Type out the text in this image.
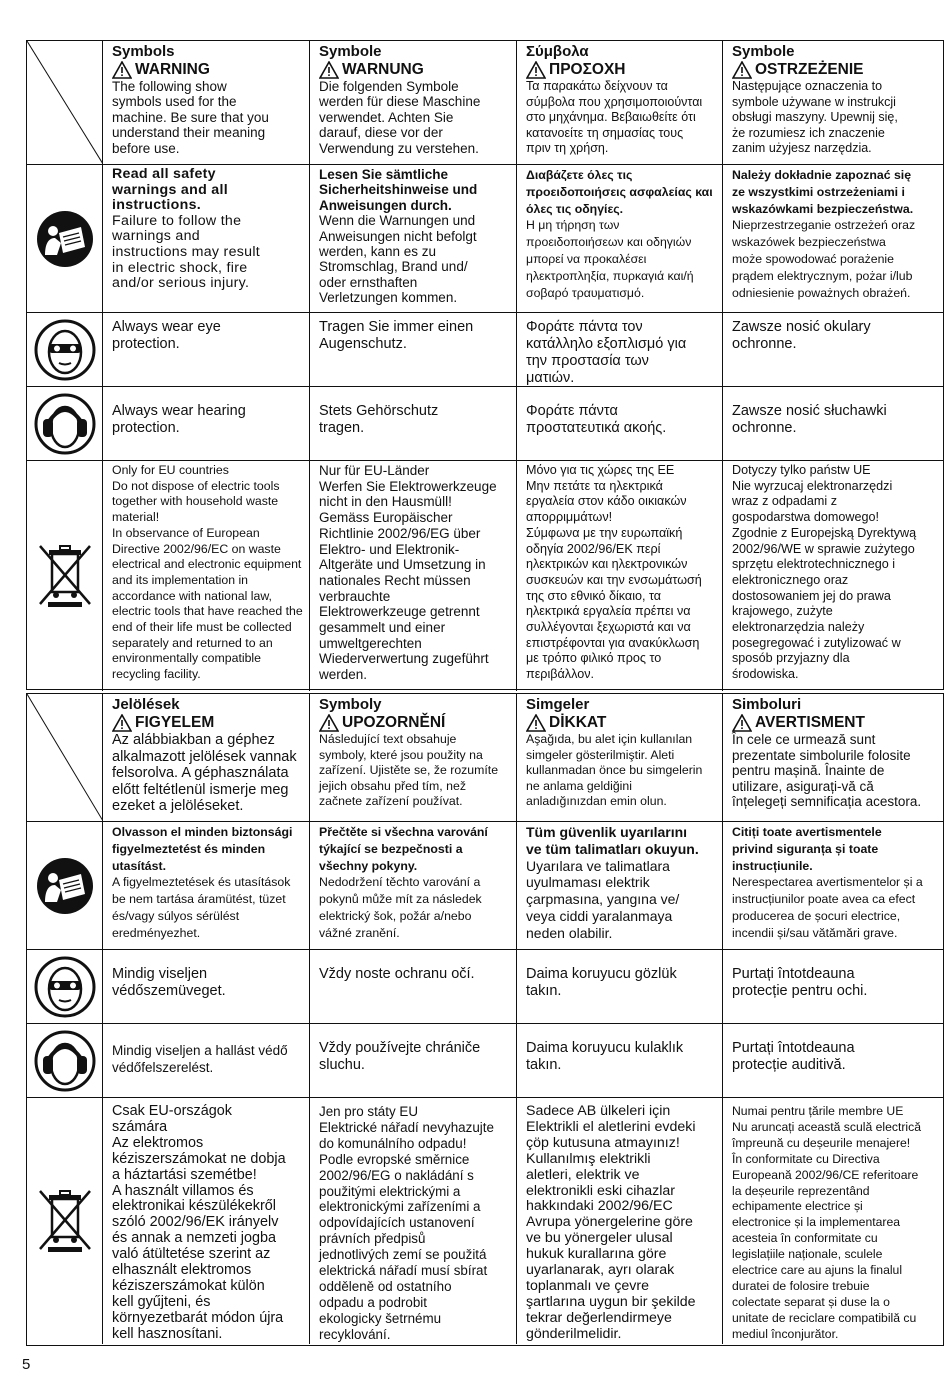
Symbols
WARNING
The following show
symbols used for the
machine. Be sure that you
understand their meaning
before use.
Symbole
WARNUNG
Die folgenden Symbole
werden für diese Maschine
verwendet. Achten Sie
darauf, diese vor der
Verwendung zu verstehen.
Σύμβολα
ΠΡΟΣΟΧΗ
Τα παρακάτω δείχνουν τα
σύμβολα που χρησιμοποιούνται
στο μηχάνημα. Βεβαιωθείτε ότι
κατανοείτε τη σημασίας τους
πριν τη χρήση.
Symbole
OSTRZEŻENIE
Następujące oznaczenia to
symbole używane w instrukcji
obsługi maszyny. Upewnij się,
że rozumiesz ich znaczenie
zanim użyjesz narzędzia.
Read all safety
warnings and all
instructions.
Failure to follow the
warnings and
instructions may result
in electric shock, fire
and/or serious injury.
Lesen Sie sämtliche
Sicherheitshinweise und
Anweisungen durch.
Wenn die Warnungen und
Anweisungen nicht befolgt
werden, kann es zu
Stromschlag, Brand und/
oder ernsthaften
Verletzungen kommen.
Διαβάζετε όλες τις
προειδοποιήσεις ασφαλείας και
όλες τις οδηγίες.
Η μη τήρηση των
προειδοποιήσεων και οδηγιών
μπορεί να προκαλέσει
ηλεκτροπληξία, πυρκαγιά και/ή
σοβαρό τραυματισμό.
Należy dokładnie zapoznać się
ze wszystkimi ostrzeżeniami i
wskazówkami bezpieczeństwa.
Nieprzestrzeganie ostrzeżeń oraz
wskazówek bezpieczeństwa
może spowodować porażenie
prądem elektrycznym, pożar i/lub
odniesienie poważnych obrażeń.
Always wear eye
protection.
Tragen Sie immer einen
Augenschutz.
Φοράτε πάντα τον
κατάλληλο εξοπλισμό για
την προστασία των
ματιών.
Zawsze nosić okulary
ochronne.
Always wear hearing
protection.
Stets Gehörschutz
tragen.
Φοράτε πάντα
προστατευτικά ακοής.
Zawsze nosić słuchawki
ochronne.
Only for EU countries
Do not dispose of electric tools
together with household waste
material!
In observance of European
Directive 2002/96/EC on waste
electrical and electronic equipment
and its implementation in
accordance with national law,
electric tools that have reached the
end of their life must be collected
separately and returned to an
environmentally compatible
recycling facility.
Nur für EU-Länder
Werfen Sie Elektrowerkzeuge
nicht in den Hausmüll!
Gemäss Europäischer
Richtlinie 2002/96/EG über
Elektro- und Elektronik-
Altgeräte und Umsetzung in
nationales Recht müssen
verbrauchte
Elektrowerkzeuge getrennt
gesammelt und einer
umweltgerechten
Wiederverwertung zugeführt
werden.
Μόνο για τις χώρες της ΕΕ
Μην πετάτε τα ηλεκτρικά
εργαλεία στον κάδο οικιακών
απορριμμάτων!
Σύμφωνα με την ευρωπαϊκή
οδηγία 2002/96/ΕΚ περί
ηλεκτρικών και ηλεκτρονικών
συσκευών και την ενσωμάτωσή
της στο εθνικό δίκαιο, τα
ηλεκτρικά εργαλεία πρέπει να
συλλέγονται ξεχωριστά και να
επιστρέφονται για ανακύκλωση
με τρόπο φιλικό προς το
περιβάλλον.
Dotyczy tylko państw UE
Nie wyrzucaj elektronarzędzi
wraz z odpadami z
gospodarstwa domowego!
Zgodnie z Europejską Dyrektywą
2002/96/WE w sprawie zużytego
sprzętu elektrotechnicznego i
elektronicznego oraz
dostosowaniem jej do prawa
krajowego, zużyte
elektronarzędzia należy
posegregować i zutylizować w
sposób przyjazny dla
środowiska.
Jelölések
FIGYELEM
Az alábbiakban a géphez
alkalmazott jelölések vannak
felsorolva. A géphasználata
előtt feltétlenül ismerje meg
ezeket a jelöléseket.
Symboly
UPOZORNĚNÍ
Následující text obsahuje
symboly, které jsou použity na
zařízení. Ujistěte se, že rozumíte
jejich obsahu před tím, než
začnete zařízení používat.
Simgeler
DİKKAT
Aşağıda, bu alet için kullanılan
simgeler gösterilmiştir. Aleti
kullanmadan önce bu simgelerin
ne anlama geldiğini
anladığınızdan emin olun.
Simboluri
AVERTISMENT
În cele ce urmează sunt
prezentate simbolurile folosite
pentru mașină. Înainte de
utilizare, asigurați-vă că
înțelegeți semnificația acestora.
Olvasson el minden biztonsági
figyelmeztetést és minden
utasítást.
A figyelmeztetések és utasítások
be nem tartása áramütést, tüzet
és/vagy súlyos sérülést
eredményezhet.
Přečtěte si všechna varování
týkající se bezpečnosti a
všechny pokyny.
Nedodržení těchto varování a
pokynů může mít za následek
elektrický šok, požár a/nebo
vážné zranění.
Tüm güvenlik uyarılarını
ve tüm talimatları okuyun.
Uyarılara ve talimatlara
uyulmaması elektrik
çarpmasına, yangına ve/
veya ciddi yaralanmaya
neden olabilir.
Citiți toate avertismentele
privind siguranța și toate
instrucțiunile.
Nerespectarea avertismentelor și a
instrucțiunilor poate avea ca efect
producerea de șocuri electrice,
incendii și/sau vătămări grave.
Mindig viseljen
védőszemüveget.
Vždy noste ochranu očí.	Daima koruyucu gözlük
takın.
Purtați întotdeauna
protecție pentru ochi.
Mindig viseljen a hallást védő
védőfelszerelést.
Vždy používejte chrániče
sluchu.
Daima koruyucu kulaklık
takın.
Purtați întotdeauna
protecție auditivă.
Csak EU-országok
számára
Az elektromos
kéziszerszámokat ne dobja
a háztartási szemétbe!
A használt villamos és
elektronikai készülékekről
szóló 2002/96/EK irányelv
és annak a nemzeti jogba
való átültetése szerint az
elhasznált elektromos
kéziszerszámokat külön
kell gyűjteni, és
környezetbarát módon újra
kell hasznosítani.
Jen pro státy EU
Elektrické nářadí nevyhazujte
do komunálního odpadu!
Podle evropské směrnice
2002/96/EG o nakládání s
použitými elektrickými a
elektronickými zařízeními a
odpovídajících ustanovení
právních předpisů
jednotlivých zemí se použitá
elektrická nářadí musí sbírat
odděleně od ostatního
odpadu a podrobit
ekologicky šetrnému
recyklování.
Sadece AB ülkeleri için
Elektrikli el aletlerini evdeki
çöp kutusuna atmayınız!
Kullanılmış elektrikli
aletleri, elektrik ve
elektronikli eski cihazlar
hakkındaki 2002/96/EC
Avrupa yönergelerine göre
ve bu yönergeler ulusal
hukuk kurallarına göre
uyarlanarak, ayrı olarak
toplanmalı ve çevre
şartlarına uygun bir şekilde
tekrar değerlendirmeye
gönderilmelidir.
Numai pentru țările membre UE
Nu aruncați această sculă electrică
împreună cu deșeurile menajere!
În conformitate cu Directiva
Europeană 2002/96/CE referitoare
la deșeurile reprezentând
echipamente electrice și
electronice și la implementarea
acesteia în conformitate cu
legislațiile naționale, sculele
electrice care au ajuns la finalul
duratei de folosire trebuie
colectate separat și duse la o
unitate de reciclare compatibilă cu
mediul înconjurător.
5
